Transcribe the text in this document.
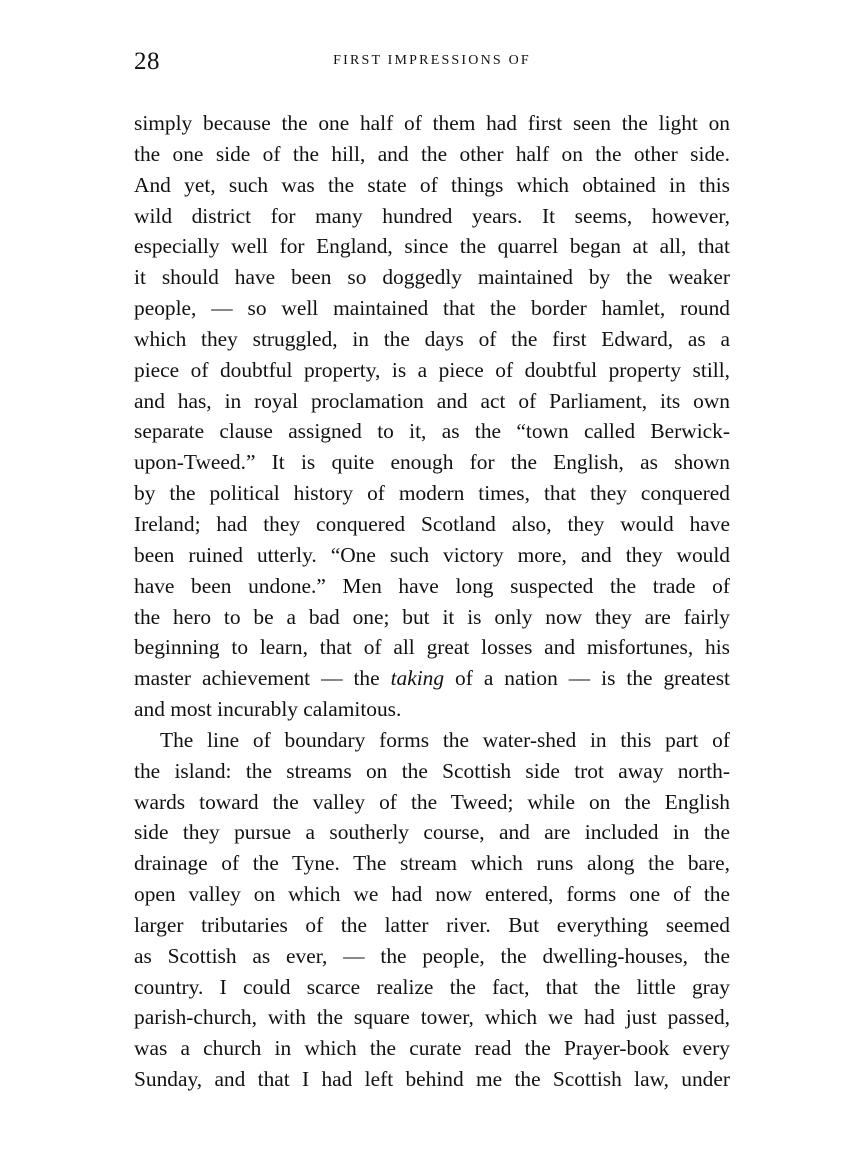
28	FIRST IMPRESSIONS OF
simply because the one half of them had first seen the light on
the one side of the hill, and the other half on the other side.
And yet, such was the state of things which obtained in this
wild district for many hundred years. It seems, however,
especially well for England, since the quarrel began at all, that
it should have been so doggedly maintained by the weaker
people, — so well maintained that the border hamlet, round
which they struggled, in the days of the first Edward, as a
piece of doubtful property, is a piece of doubtful property still,
and has, in royal proclamation and act of Parliament, its own
separate clause assigned to it, as the “town called Berwick-
upon-Tweed.” It is quite enough for the English, as shown
by the political history of modern times, that they conquered
Ireland; had they conquered Scotland also, they would have
been ruined utterly. “One such victory more, and they would
have been undone.” Men have long suspected the trade of
the hero to be a bad one; but it is only now they are fairly
beginning to learn, that of all great losses and misfortunes, his
master achievement — the taking of a nation — is the greatest
and most incurably calamitous.
The line of boundary forms the water-shed in this part of
the island: the streams on the Scottish side trot away north-
wards toward the valley of the Tweed; while on the English
side they pursue a southerly course, and are included in the
drainage of the Tyne. The stream which runs along the bare,
open valley on which we had now entered, forms one of the
larger tributaries of the latter river. But everything seemed
as Scottish as ever, — the people, the dwelling-houses, the
country. I could scarce realize the fact, that the little gray
parish-church, with the square tower, which we had just passed,
was a church in which the curate read the Prayer-book every
Sunday, and that I had left behind me the Scottish law, under
